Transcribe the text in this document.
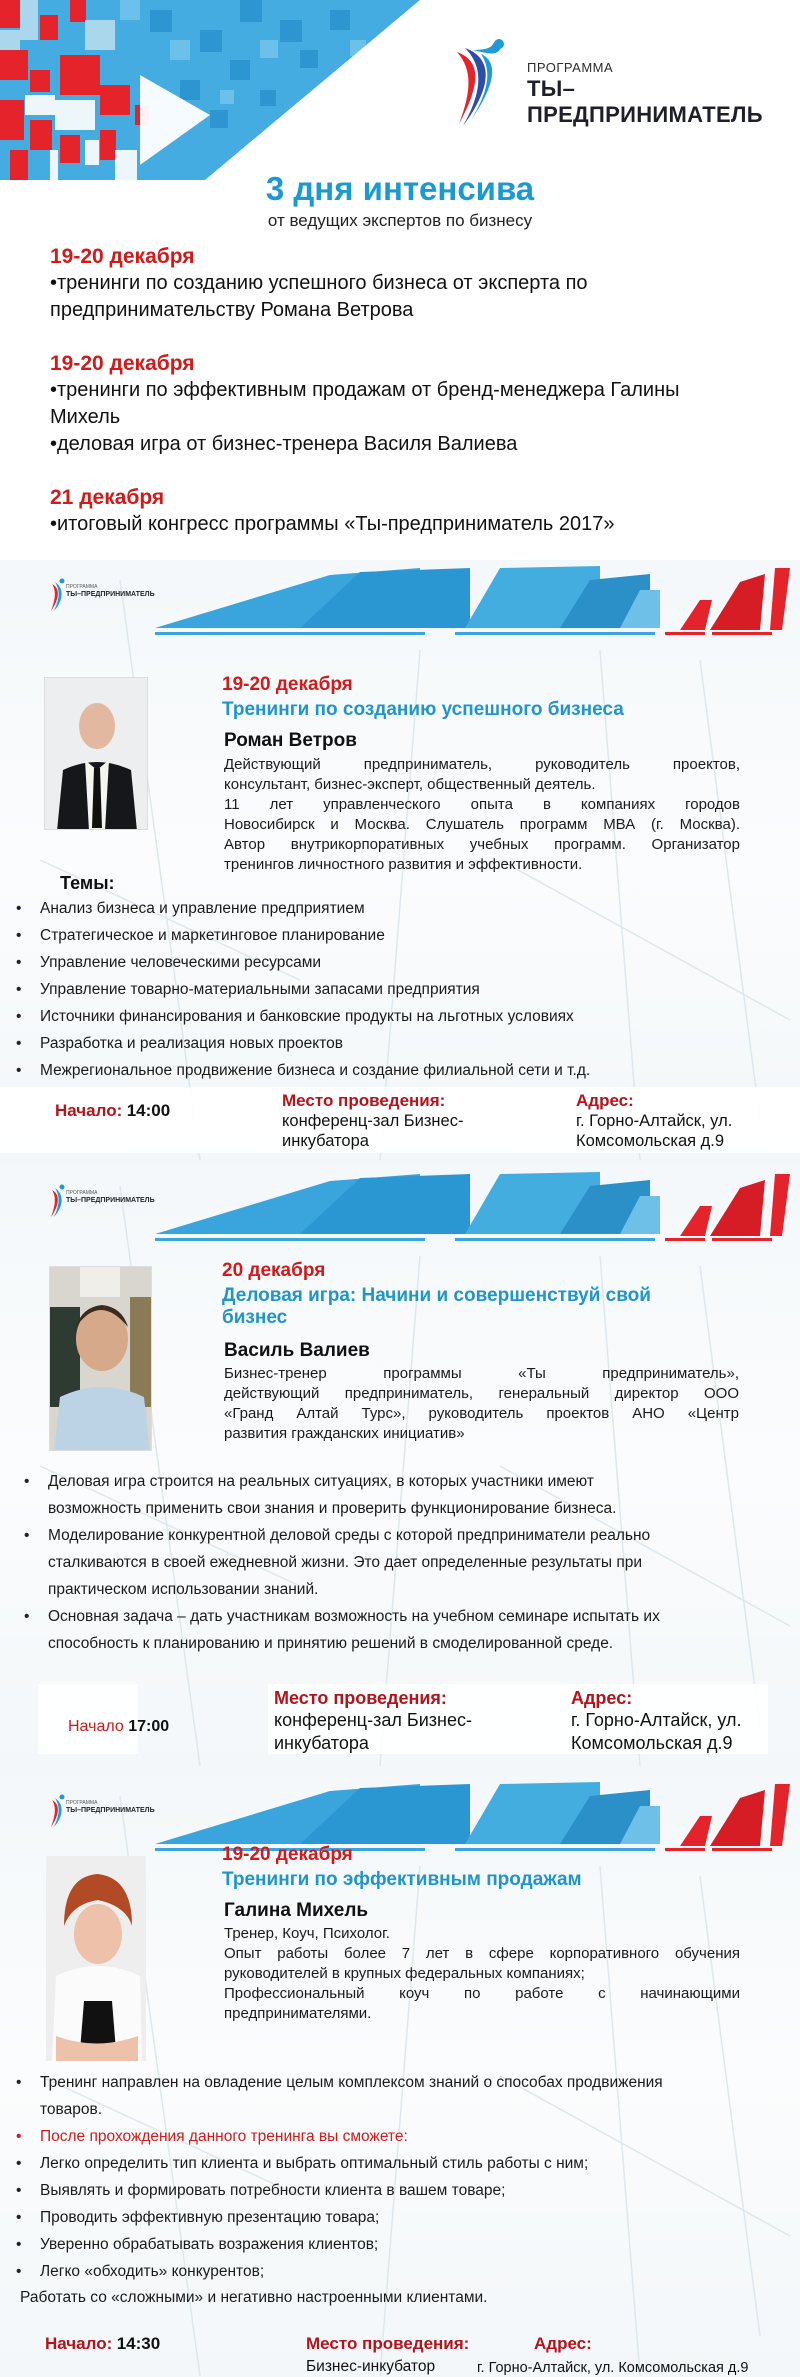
ПРОГРАММА
ТЫ–ПРЕДПРИНИМАТЕЛЬ
3 дня интенсива
от ведущих экспертов по бизнесу
19-20 декабря
•тренинги по созданию успешного бизнеса от эксперта по
предпринимательству Романа Ветрова
19-20 декабря
•тренинги по эффективным продажам от бренд-менеджера Галины
Михель
•деловая игра от бизнес-тренера Василя Валиева
21 декабря
•итоговый конгресс программы «Ты-предприниматель 2017»
ПРОГРАММА
ТЫ–ПРЕДПРИНИМАТЕЛЬ
19-20 декабря
Тренинги по созданию успешного бизнеса
Роман Ветров
Действующий предприниматель, руководитель проектов,
консультант, бизнес-эксперт, общественный деятель.
11 лет управленческого опыта в компаниях городов
Новосибирск и Москва. Слушатель программ МВА (г. Москва).
Автор внутрикорпоративных учебных программ. Организатор
тренингов личностного развития и эффективности.
Темы:
• Анализ бизнеса и управление предприятием
• Стратегическое и маркетинговое планирование
• Управление человеческими ресурсами
• Управление товарно-материальными запасами предприятия
• Источники финансирования и банковские продукты на льготных условиях
• Разработка и реализация новых проектов
• Межрегиональное продвижение бизнеса и создание филиальной сети и т.д.
Начало: 14:00
Место проведения:
конференц-зал Бизнес-
инкубатора
Адрес:
г. Горно-Алтайск, ул.
Комсомольская д.9
ПРОГРАММА
ТЫ–ПРЕДПРИНИМАТЕЛЬ
20 декабря
Деловая игра: Начини и совершенствуй свой
бизнес
Василь Валиев
Бизнес-тренер программы «Ты предприниматель»,
действующий предприниматель, генеральный директор ООО
«Гранд Алтай Турс», руководитель проектов АНО «Центр
развития гражданских инициатив»
• Деловая игра строится на реальных ситуациях, в которых участники имеют
возможность применить свои знания и проверить функционирование бизнеса.
• Моделирование конкурентной деловой среды с которой предприниматели реально
сталкиваются в своей ежедневной жизни. Это дает определенные результаты при
практическом использовании знаний.
• Основная задача – дать участникам возможность на учебном семинаре испытать их
способность к планированию и принятию решений в смоделированной среде.
Начало 17:00
Место проведения:
конференц-зал Бизнес-
инкубатора
Адрес:
г. Горно-Алтайск, ул.
Комсомольская д.9
ПРОГРАММА
ТЫ–ПРЕДПРИНИМАТЕЛЬ
19-20 декабря
Тренинги по эффективным продажам
Галина Михель
Тренер, Коуч, Психолог.
Опыт работы более 7 лет в сфере корпоративного обучения
руководителей в крупных федеральных компаниях;
Профессиональный коуч по работе с начинающими
предпринимателями.
• Тренинг направлен на овладение целым комплексом знаний о способах продвижения
товаров.
• После прохождения данного тренинга вы сможете:
• Легко определить тип клиента и выбрать оптимальный стиль работы с ним;
• Выявлять и формировать потребности клиента в вашем товаре;
• Проводить эффективную презентацию товара;
• Уверенно обрабатывать возражения клиентов;
• Легко «обходить» конкурентов;
Работать со «сложными» и негативно настроенными клиентами.
Начало: 14:30	Место проведения:
Бизнес-инкубатор
Адрес:
г. Горно-Алтайск, ул. Комсомольская д.9
